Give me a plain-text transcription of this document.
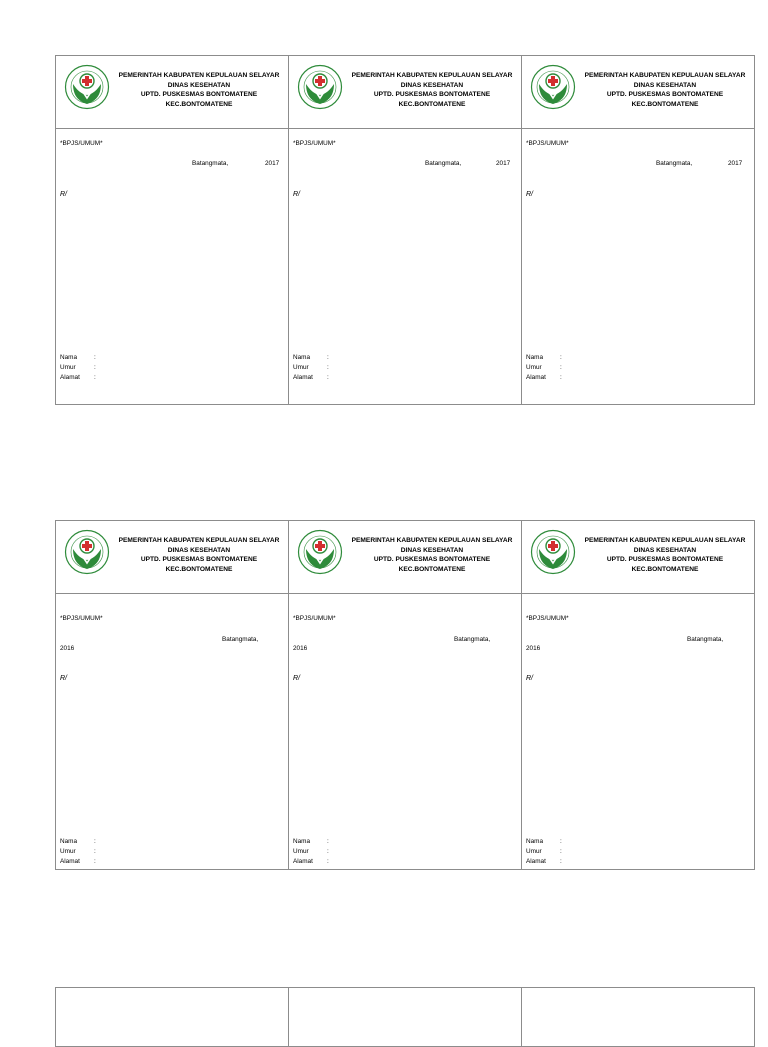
PEMERINTAH KABUPATEN KEPULAUAN SELAYAR
DINAS KESEHATAN
UPTD. PUSKESMAS BONTOMATENE
KEC.BONTOMATENE
*BPJS/UMUM*
Batangmata,	2017
R/
Nama	:
Umur	:
Alamat :
PEMERINTAH KABUPATEN KEPULAUAN SELAYAR
DINAS KESEHATAN
UPTD. PUSKESMAS BONTOMATENE
KEC.BONTOMATENE
*BPJS/UMUM*
Batangmata,	2017
R/
Nama	:
Umur	:
Alamat :
PEMERINTAH KABUPATEN KEPULAUAN SELAYAR
DINAS KESEHATAN
UPTD. PUSKESMAS BONTOMATENE
KEC.BONTOMATENE
*BPJS/UMUM*
Batangmata,	2017
R/
Nama	:
Umur	:
Alamat :
PEMERINTAH KABUPATEN KEPULAUAN SELAYAR
DINAS KESEHATAN
UPTD. PUSKESMAS BONTOMATENE
KEC.BONTOMATENE
*BPJS/UMUM*
Batangmata,
2016
R/
Nama	:
Umur	:
Alamat :
PEMERINTAH KABUPATEN KEPULAUAN SELAYAR
DINAS KESEHATAN
UPTD. PUSKESMAS BONTOMATENE
KEC.BONTOMATENE
*BPJS/UMUM*
Batangmata,
2016
R/
Nama	:
Umur	:
Alamat :
PEMERINTAH KABUPATEN KEPULAUAN SELAYAR
DINAS KESEHATAN
UPTD. PUSKESMAS BONTOMATENE
KEC.BONTOMATENE
*BPJS/UMUM*
Batangmata,
2016
R/
Nama	:
Umur	:
Alamat :
